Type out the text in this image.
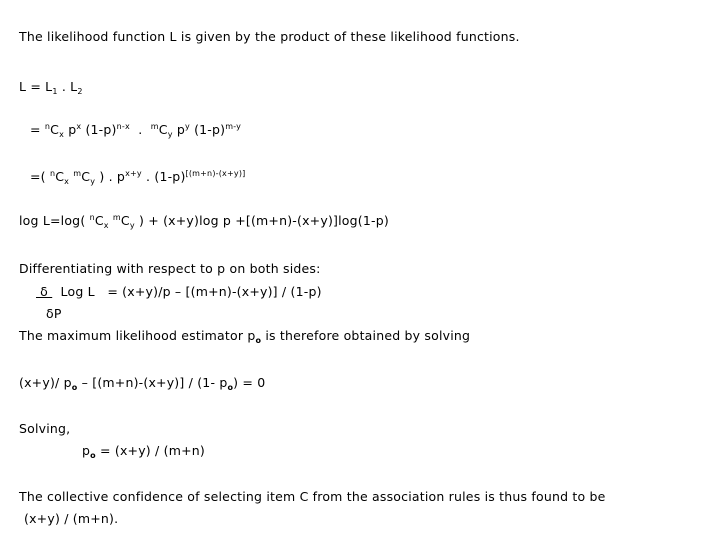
The likelihood function L is given by the product of these likelihood functions.
$L = L_1$ . $L_2$
= $^nC_x$ $p^x$ $(1-p)^{n-x}$  .  $^mC_y$ $p^y$ $(1-p)^{m-y}$
=( $^nC_x$ $^mC_y$ ) . $p^{x+y}$ . (1-p)[(m+n)-(x+y)]
log L=log( $^nC_x$ $^mC_y$ ) + (x+y)log p +[(m+n)-(x+y)]log(1-p)
Differentiating with respect to p on both sides:
δ   Log L   = (x+y)/p – [(m+n)-(x+y)] / (1-p)
δP
The maximum likelihood estimator $p_o$ is therefore obtained by solving
(x+y)/ $p_o - [(m+n)-(x+y)] / (1-$ $p_o) = 0$
Solving,
$p_o = (x+y) / (m+n)$
The collective confidence of selecting item C from the association rules is thus found to be
(x+y) / (m+n).
